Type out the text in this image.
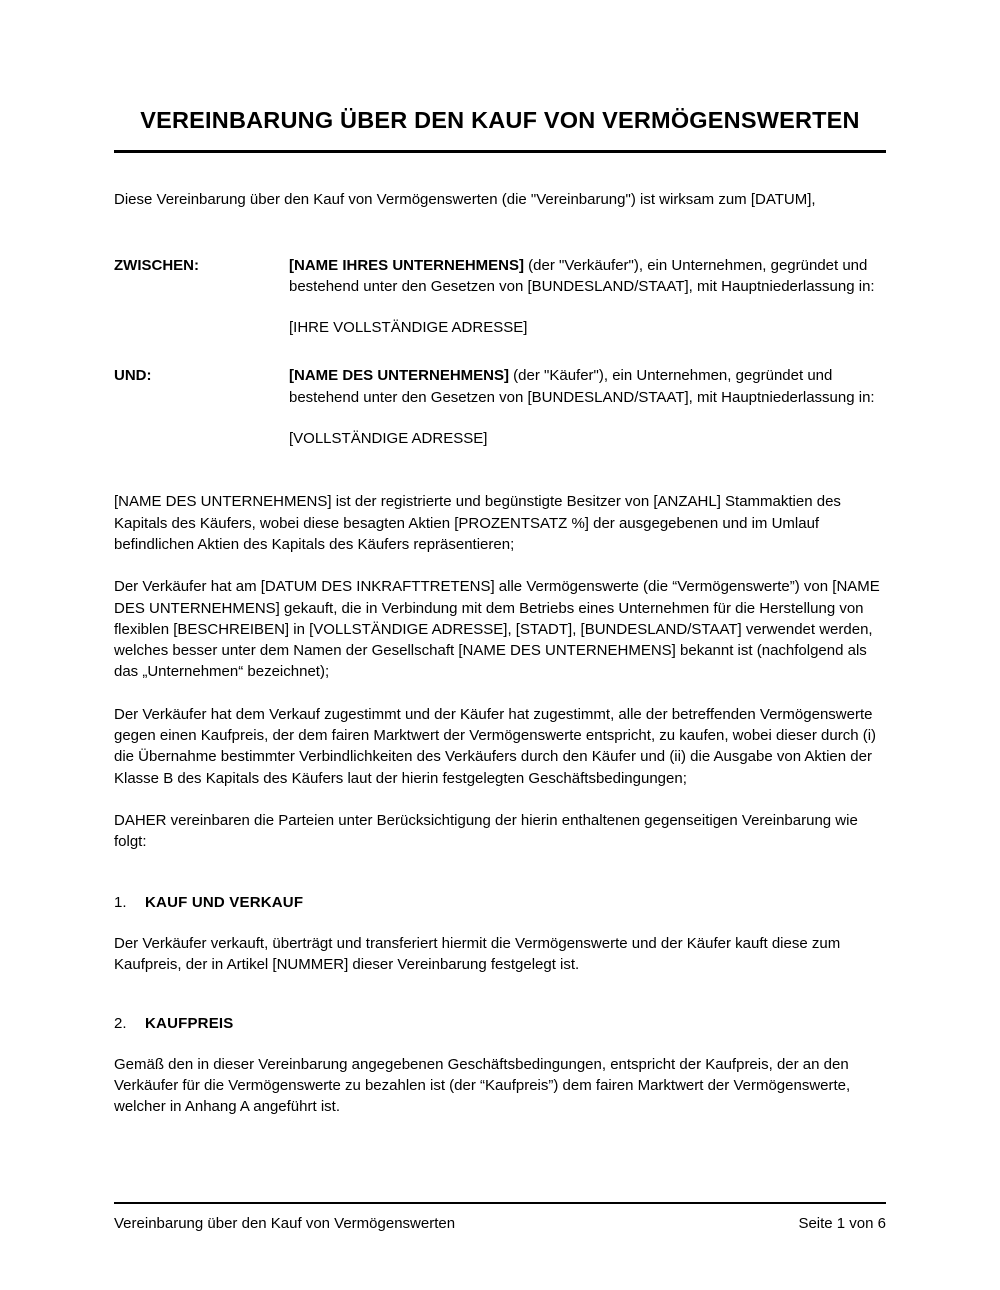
VEREINBARUNG ÜBER DEN KAUF VON VERMÖGENSWERTEN

Diese Vereinbarung über den Kauf von Vermögenswerten (die "Vereinbarung") ist wirksam zum [DATUM],

ZWISCHEN:	[NAME IHRES UNTERNEHMENS] (der "Verkäufer"), ein Unternehmen, gegründet und bestehend unter den Gesetzen von [BUNDESLAND/STAAT], mit Hauptniederlassung in:
[IHRE VOLLSTÄNDIGE ADRESSE]

UND:	[NAME DES UNTERNEHMENS] (der "Käufer"), ein Unternehmen, gegründet und bestehend unter den Gesetzen von [BUNDESLAND/STAAT], mit Hauptniederlassung in:
[VOLLSTÄNDIGE ADRESSE]

[NAME DES UNTERNEHMENS] ist der registrierte und begünstigte Besitzer von [ANZAHL] Stammaktien des Kapitals des Käufers, wobei diese besagten Aktien [PROZENTSATZ %] der ausgegebenen und im Umlauf befindlichen Aktien des Kapitals des Käufers repräsentieren;

Der Verkäufer hat am [DATUM DES INKRAFTTRETENS] alle Vermögenswerte (die “Vermögenswerte”) von [NAME DES UNTERNEHMENS] gekauft, die in Verbindung mit dem Betriebs eines Unternehmen für die Herstellung von flexiblen [BESCHREIBEN] in [VOLLSTÄNDIGE ADRESSE], [STADT], [BUNDESLAND/STAAT] verwendet werden, welches besser unter dem Namen der Gesellschaft [NAME DES UNTERNEHMENS] bekannt ist (nachfolgend als das „Unternehmen“ bezeichnet);

Der Verkäufer hat dem Verkauf zugestimmt und der Käufer hat zugestimmt, alle der betreffenden Vermögenswerte gegen einen Kaufpreis, der dem fairen Marktwert der Vermögenswerte entspricht, zu kaufen, wobei dieser durch (i) die Übernahme bestimmter Verbindlichkeiten des Verkäufers durch den Käufer und (ii) die Ausgabe von Aktien der Klasse B des Kapitals des Käufers laut der hierin festgelegten Geschäftsbedingungen;

DAHER vereinbaren die Parteien unter Berücksichtigung der hierin enthaltenen gegenseitigen Vereinbarung wie folgt:

1.	KAUF UND VERKAUF

Der Verkäufer verkauft, überträgt und transferiert hiermit die Vermögenswerte und der Käufer kauft diese zum Kaufpreis, der in Artikel [NUMMER] dieser Vereinbarung festgelegt ist.

2.	KAUFPREIS

Gemäß den in dieser Vereinbarung angegebenen Geschäftsbedingungen, entspricht der Kaufpreis, der an den Verkäufer für die Vermögenswerte zu bezahlen ist (der “Kaufpreis”) dem fairen Marktwert der Vermögenswerte, welcher in Anhang A angeführt ist.

Vereinbarung über den Kauf von Vermögenswerten	Seite 1 von 6
